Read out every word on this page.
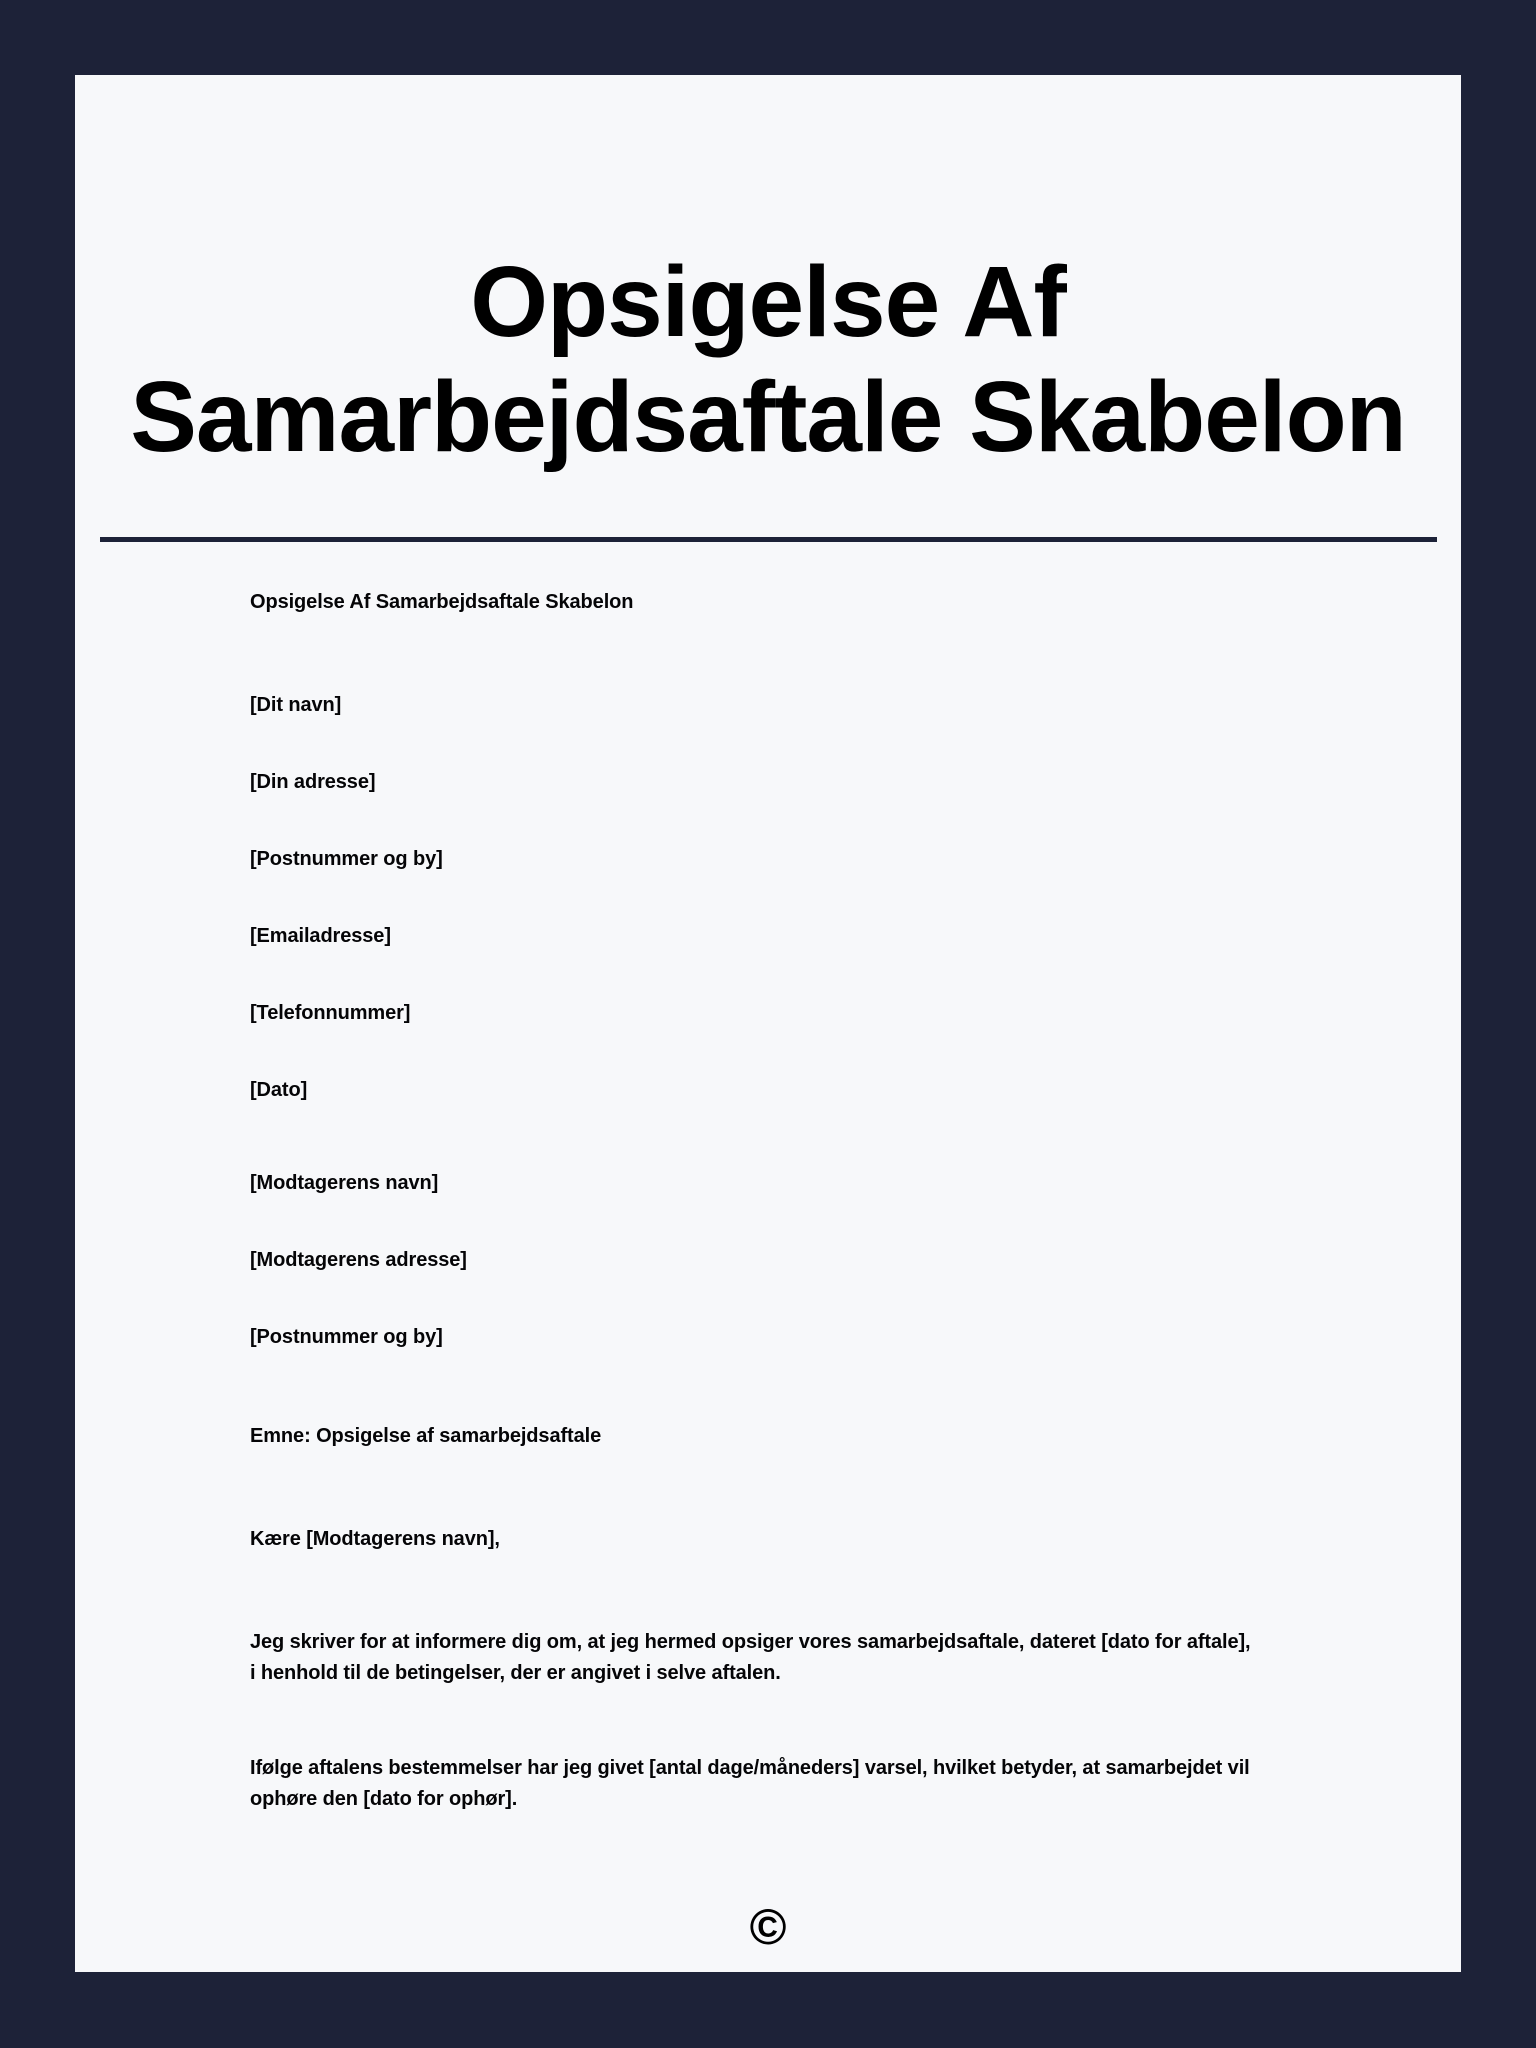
Opsigelse Af
Samarbejdsaftale Skabelon

Opsigelse Af Samarbejdsaftale Skabelon

[Dit navn]

[Din adresse]

[Postnummer og by]

[Emailadresse]

[Telefonnummer]

[Dato]

[Modtagerens navn]

[Modtagerens adresse]

[Postnummer og by]

Emne: Opsigelse af samarbejdsaftale

Kære [Modtagerens navn],

Jeg skriver for at informere dig om, at jeg hermed opsiger vores samarbejdsaftale, dateret [dato for aftale],
i henhold til de betingelser, der er angivet i selve aftalen.

Ifølge aftalens bestemmelser har jeg givet [antal dage/måneders] varsel, hvilket betyder, at samarbejdet vil
ophøre den [dato for ophør].

©
